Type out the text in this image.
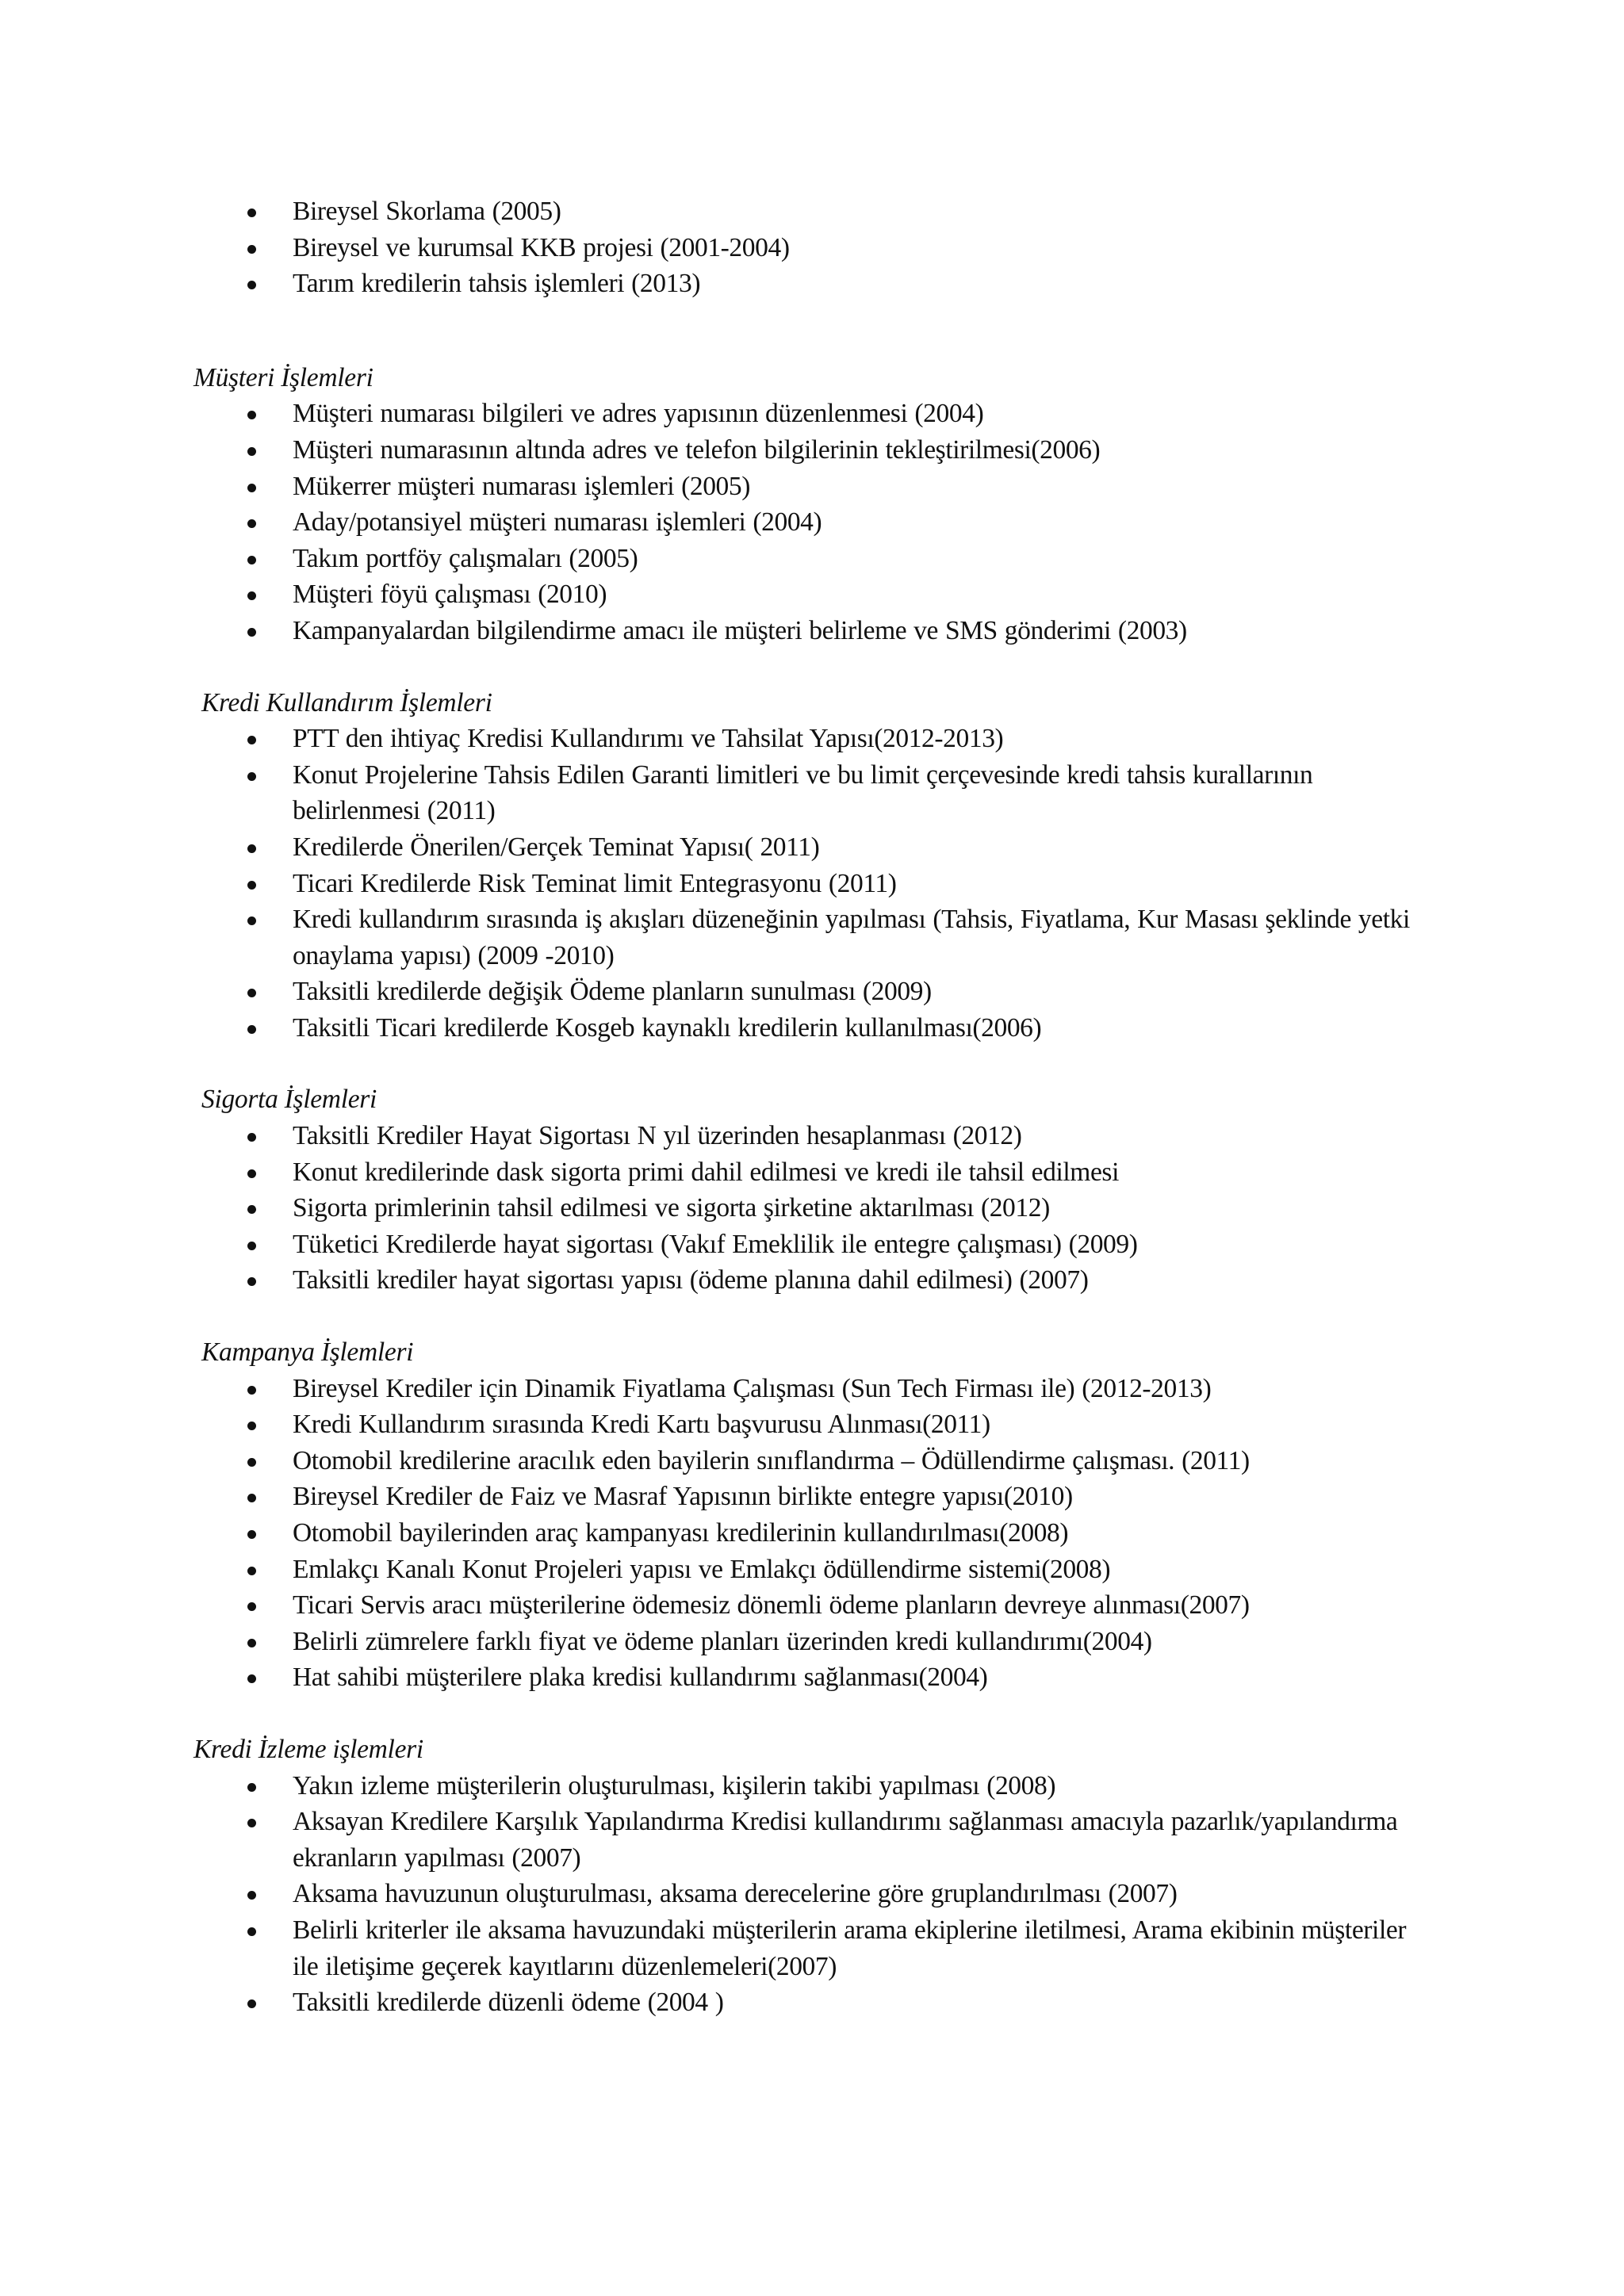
Bireysel Skorlama (2005)
Bireysel ve kurumsal KKB projesi (2001-2004)
Tarım kredilerin tahsis işlemleri (2013)

Müşteri İşlemleri

Müşteri numarası bilgileri ve adres yapısının düzenlenmesi (2004)
Müşteri numarasının altında adres ve telefon bilgilerinin tekleştirilmesi(2006)
Mükerrer müşteri numarası işlemleri (2005)
Aday/potansiyel müşteri numarası işlemleri (2004)
Takım portföy çalışmaları (2005)
Müşteri föyü çalışması (2010)
Kampanyalardan bilgilendirme amacı ile müşteri belirleme ve SMS gönderimi (2003)

Kredi Kullandırım İşlemleri

PTT den ihtiyaç Kredisi Kullandırımı ve Tahsilat Yapısı(2012-2013)
Konut Projelerine Tahsis Edilen Garanti limitleri ve bu limit çerçevesinde kredi tahsis kurallarının belirlenmesi (2011)
Kredilerde Önerilen/Gerçek Teminat Yapısı( 2011)
Ticari Kredilerde Risk Teminat limit Entegrasyonu (2011)
Kredi kullandırım sırasında iş akışları düzeneğinin yapılması (Tahsis, Fiyatlama, Kur Masası şeklinde yetki onaylama yapısı) (2009 -2010)
Taksitli kredilerde değişik Ödeme planların sunulması (2009)
Taksitli Ticari kredilerde Kosgeb kaynaklı kredilerin kullanılması(2006)

Sigorta İşlemleri

Taksitli Krediler Hayat Sigortası N yıl üzerinden hesaplanması (2012)
Konut kredilerinde dask sigorta primi dahil edilmesi ve kredi ile tahsil edilmesi
Sigorta primlerinin tahsil edilmesi ve sigorta şirketine aktarılması (2012)
Tüketici Kredilerde hayat sigortası (Vakıf Emeklilik ile entegre çalışması) (2009)
Taksitli krediler hayat sigortası yapısı (ödeme planına dahil edilmesi) (2007)

Kampanya İşlemleri

Bireysel Krediler için Dinamik Fiyatlama Çalışması (Sun Tech Firması ile) (2012-2013)
Kredi Kullandırım sırasında Kredi Kartı başvurusu Alınması(2011)
Otomobil kredilerine aracılık eden bayilerin sınıflandırma – Ödüllendirme çalışması. (2011)
Bireysel Krediler de Faiz ve Masraf Yapısının birlikte entegre yapısı(2010)
Otomobil bayilerinden araç kampanyası kredilerinin kullandırılması(2008)
Emlakçı Kanalı Konut Projeleri yapısı ve Emlakçı ödüllendirme sistemi(2008)
Ticari Servis aracı müşterilerine ödemesiz dönemli ödeme planların devreye alınması(2007)
Belirli zümrelere farklı fiyat ve ödeme planları üzerinden kredi kullandırımı(2004)
Hat sahibi müşterilere plaka kredisi kullandırımı sağlanması(2004)

Kredi İzleme işlemleri

Yakın izleme müşterilerin oluşturulması, kişilerin takibi yapılması (2008)
Aksayan Kredilere Karşılık Yapılandırma Kredisi kullandırımı sağlanması amacıyla pazarlık/yapılandırma ekranların yapılması (2007)
Aksama havuzunun oluşturulması, aksama derecelerine göre gruplandırılması (2007)
Belirli kriterler ile aksama havuzundaki müşterilerin arama ekiplerine iletilmesi, Arama ekibinin müşteriler ile iletişime geçerek kayıtlarını düzenlemeleri(2007)
Taksitli kredilerde düzenli ödeme (2004 )
